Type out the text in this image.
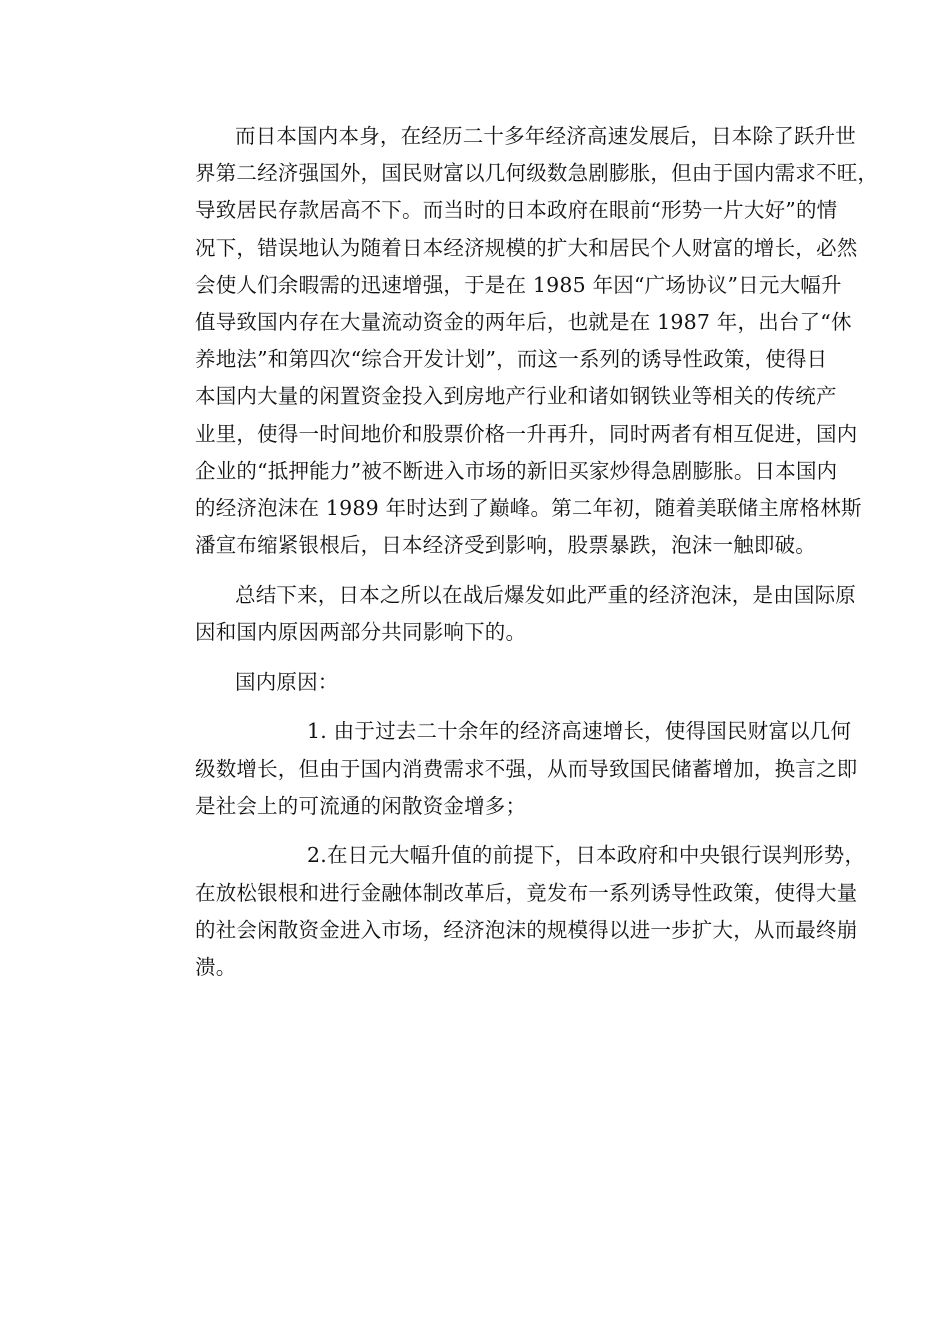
而日本国内本身，在经历二十多年经济高速发展后，日本除了跃升世
界第二经济强国外，国民财富以几何级数急剧膨胀，但由于国内需求不旺，
导致居民存款居高不下。而当时的日本政府在眼前“形势一片大好”的情
况下，错误地认为随着日本经济规模的扩大和居民个人财富的增长，必然
会使人们余暇需的迅速增强，于是在 1985 年因“广场协议”日元大幅升
值导致国内存在大量流动资金的两年后，也就是在 1987 年，出台了“休
养地法”和第四次“综合开发计划”，而这一系列的诱导性政策，使得日
本国内大量的闲置资金投入到房地产行业和诸如钢铁业等相关的传统产
业里，使得一时间地价和股票价格一升再升，同时两者有相互促进，国内
企业的“抵押能力”被不断进入市场的新旧买家炒得急剧膨胀。日本国内
的经济泡沫在 1989 年时达到了巅峰。第二年初，随着美联储主席格林斯
潘宣布缩紧银根后，日本经济受到影响，股票暴跌，泡沫一触即破。
总结下来，日本之所以在战后爆发如此严重的经济泡沫，是由国际原
因和国内原因两部分共同影响下的。
国内原因：
1. 由于过去二十余年的经济高速增长，使得国民财富以几何
级数增长，但由于国内消费需求不强，从而导致国民储蓄增加，换言之即
是社会上的可流通的闲散资金增多；
2.在日元大幅升值的前提下，日本政府和中央银行误判形势，
在放松银根和进行金融体制改革后，竟发布一系列诱导性政策，使得大量
的社会闲散资金进入市场，经济泡沫的规模得以进一步扩大，从而最终崩
溃。
